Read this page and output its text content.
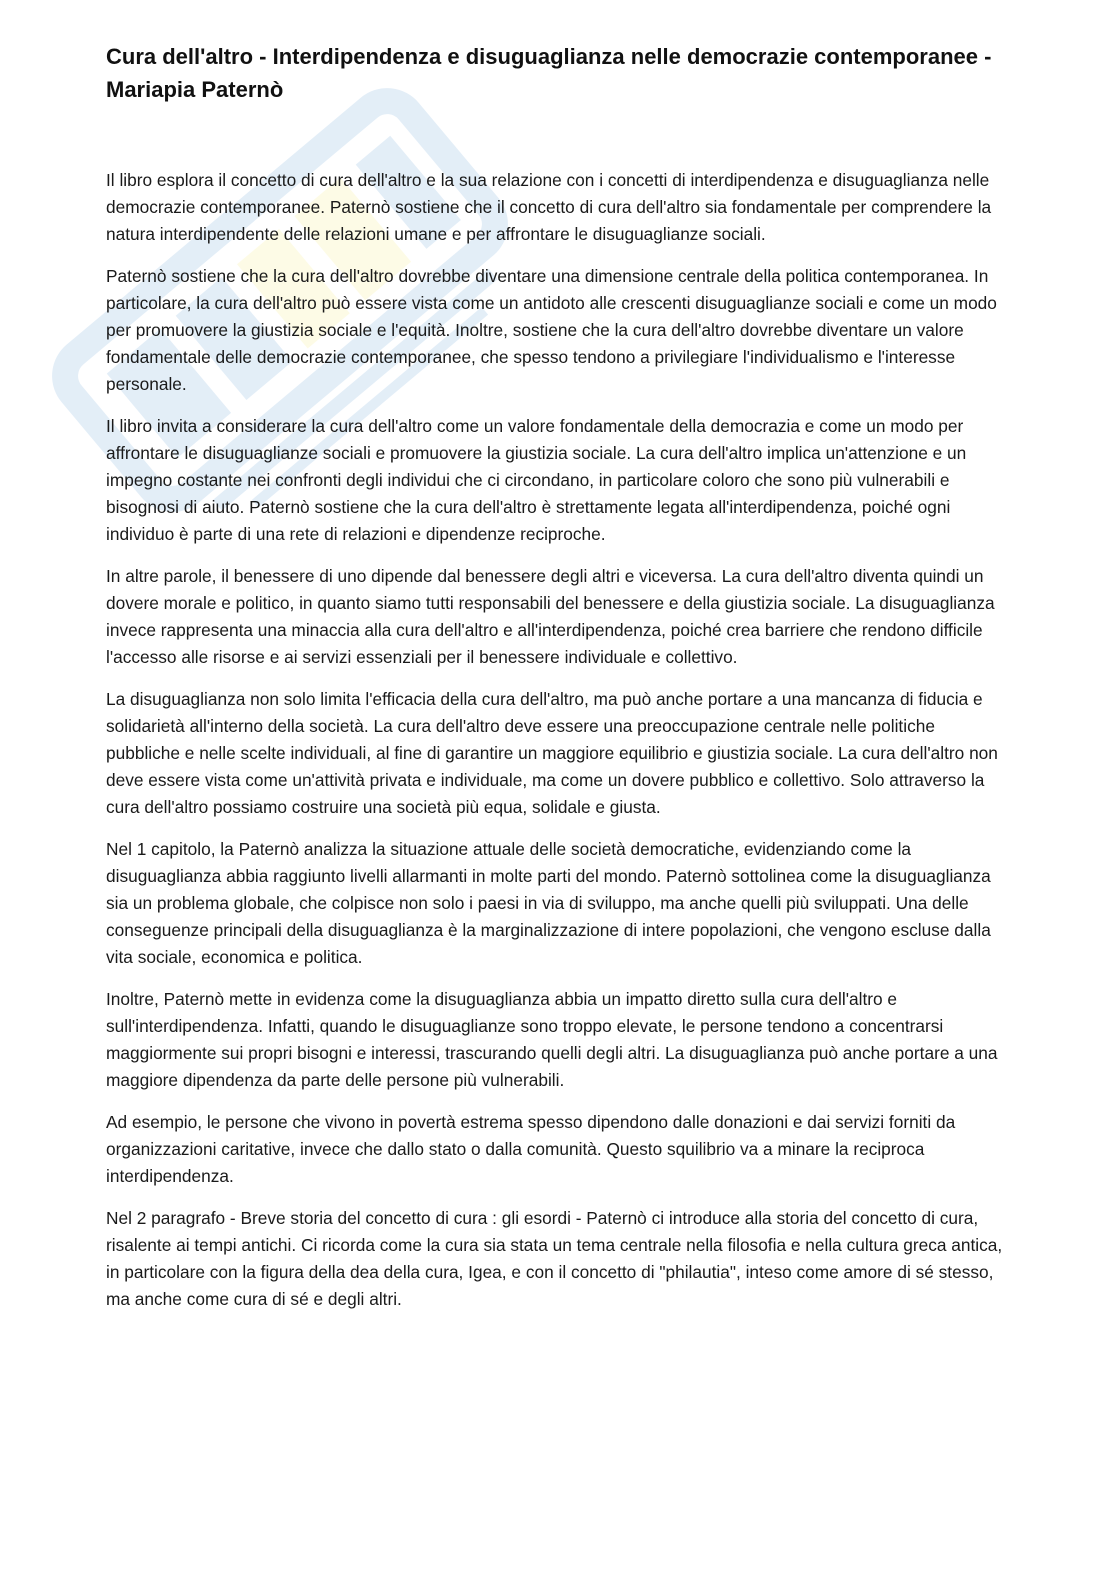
Cura dell'altro - Interdipendenza e disuguaglianza nelle democrazie contemporanee - Mariapia Paternò

Il libro esplora il concetto di cura dell'altro e la sua relazione con i concetti di interdipendenza e disuguaglianza nelle democrazie contemporanee. Paternò sostiene che il concetto di cura dell'altro sia fondamentale per comprendere la natura interdipendente delle relazioni umane e per affrontare le disuguaglianze sociali.

Paternò sostiene che la cura dell'altro dovrebbe diventare una dimensione centrale della politica contemporanea. In particolare, la cura dell'altro può essere vista come un antidoto alle crescenti disuguaglianze sociali e come un modo per promuovere la giustizia sociale e l'equità. Inoltre, sostiene che la cura dell'altro dovrebbe diventare un valore fondamentale delle democrazie contemporanee, che spesso tendono a privilegiare l'individualismo e l'interesse personale.

Il libro invita a considerare la cura dell'altro come un valore fondamentale della democrazia e come un modo per affrontare le disuguaglianze sociali e promuovere la giustizia sociale. La cura dell'altro implica un'attenzione e un impegno costante nei confronti degli individui che ci circondano, in particolare coloro che sono più vulnerabili e bisognosi di aiuto. Paternò sostiene che la cura dell'altro è strettamente legata all'interdipendenza, poiché ogni individuo è parte di una rete di relazioni e dipendenze reciproche.

In altre parole, il benessere di uno dipende dal benessere degli altri e viceversa. La cura dell'altro diventa quindi un dovere morale e politico, in quanto siamo tutti responsabili del benessere e della giustizia sociale. La disuguaglianza invece rappresenta una minaccia alla cura dell'altro e all'interdipendenza, poiché crea barriere che rendono difficile l'accesso alle risorse e ai servizi essenziali per il benessere individuale e collettivo.

La disuguaglianza non solo limita l'efficacia della cura dell'altro, ma può anche portare a una mancanza di fiducia e solidarietà all'interno della società. La cura dell'altro deve essere una preoccupazione centrale nelle politiche pubbliche e nelle scelte individuali, al fine di garantire un maggiore equilibrio e giustizia sociale. La cura dell'altro non deve essere vista come un'attività privata e individuale, ma come un dovere pubblico e collettivo. Solo attraverso la cura dell'altro possiamo costruire una società più equa, solidale e giusta.

Nel 1 capitolo, la Paternò analizza la situazione attuale delle società democratiche, evidenziando come la disuguaglianza abbia raggiunto livelli allarmanti in molte parti del mondo. Paternò sottolinea come la disuguaglianza sia un problema globale, che colpisce non solo i paesi in via di sviluppo, ma anche quelli più sviluppati. Una delle conseguenze principali della disuguaglianza è la marginalizzazione di intere popolazioni, che vengono escluse dalla vita sociale, economica e politica.

Inoltre, Paternò mette in evidenza come la disuguaglianza abbia un impatto diretto sulla cura dell'altro e sull'interdipendenza. Infatti, quando le disuguaglianze sono troppo elevate, le persone tendono a concentrarsi maggiormente sui propri bisogni e interessi, trascurando quelli degli altri. La disuguaglianza può anche portare a una maggiore dipendenza da parte delle persone più vulnerabili.

Ad esempio, le persone che vivono in povertà estrema spesso dipendono dalle donazioni e dai servizi forniti da organizzazioni caritative, invece che dallo stato o dalla comunità. Questo squilibrio va a minare la reciproca interdipendenza.

Nel 2 paragrafo - Breve storia del concetto di cura : gli esordi - Paternò ci introduce alla storia del concetto di cura, risalente ai tempi antichi. Ci ricorda come la cura sia stata un tema centrale nella filosofia e nella cultura greca antica, in particolare con la figura della dea della cura, Igea, e con il concetto di "philautia", inteso come amore di sé stesso, ma anche come cura di sé e degli altri.
